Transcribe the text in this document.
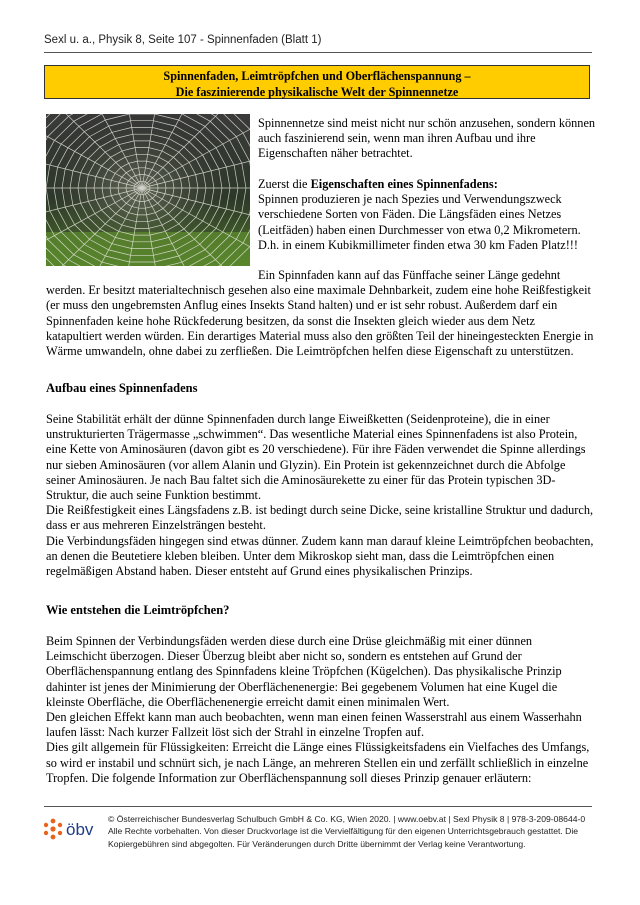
Sexl u. a., Physik 8, Seite 107 - Spinnenfaden (Blatt 1)
Spinnenfaden, Leimtröpfchen und Oberflächenspannung –
Die faszinierende physikalische Welt der Spinnennetze
Spinnennetze sind meist nicht nur schön anzusehen, sondern können auch faszinierend sein, wenn man ihren Aufbau und ihre Eigenschaften näher betrachtet.

Zuerst die Eigenschaften eines Spinnenfadens:

Spinnen produzieren je nach Spezies und Verwendungszweck verschiedene Sorten von Fäden. Die Längsfäden eines Netzes (Leitfäden) haben einen Durchmesser von etwa 0,2 Mikrometern. D.h. in einem Kubikmillimeter finden etwa 30 km Faden Platz!!!

Ein Spinnfaden kann auf das Fünffache seiner Länge gedehnt werden. Er besitzt materialtechnisch gesehen also eine maximale Dehnbarkeit, zudem eine hohe Reißfestigkeit (er muss den ungebremsten Anflug eines Insekts Stand halten) und er ist sehr robust. Außerdem darf ein Spinnenfaden keine hohe Rückfederung besitzen, da sonst die Insekten gleich wieder aus dem Netz katapultiert werden würden. Ein derartiges Material muss also den größten Teil der hineingesteckten Energie in Wärme umwandeln, ohne dabei zu zerfließen. Die Leimtröpfchen helfen diese Eigenschaft zu unterstützen.

Aufbau eines Spinnenfadens

Seine Stabilität erhält der dünne Spinnenfaden durch lange Eiweißketten (Seidenproteine), die in einer unstrukturierten Trägermasse „schwimmen“. Das wesentliche Material eines Spinnenfadens ist also Protein, eine Kette von Aminosäuren (davon gibt es 20 verschiedene). Für ihre Fäden verwendet die Spinne allerdings nur sieben Aminosäuren (vor allem Alanin und Glyzin). Ein Protein ist gekennzeichnet durch die Abfolge seiner Aminosäuren. Je nach Bau faltet sich die Aminosäurekette zu einer für das Protein typischen 3D-Struktur, die auch seine Funktion bestimmt.

Die Reißfestigkeit eines Längsfadens z.B. ist bedingt durch seine Dicke, seine kristalline Struktur und dadurch, dass er aus mehreren Einzelsträngen besteht.

Die Verbindungsfäden hingegen sind etwas dünner. Zudem kann man darauf kleine Leimtröpfchen beobachten, an denen die Beutetiere kleben bleiben. Unter dem Mikroskop sieht man, dass die Leimtröpfchen einen regelmäßigen Abstand haben. Dieser entsteht auf Grund eines physikalischen Prinzips.

Wie entstehen die Leimtröpfchen?

Beim Spinnen der Verbindungsfäden werden diese durch eine Drüse gleichmäßig mit einer dünnen Leimschicht überzogen. Dieser Überzug bleibt aber nicht so, sondern es entstehen auf Grund der Oberflächenspannung entlang des Spinnfadens kleine Tröpfchen (Kügelchen). Das physikalische Prinzip dahinter ist jenes der Minimierung der Oberflächenenergie: Bei gegebenem Volumen hat eine Kugel die kleinste Oberfläche, die Oberflächenenergie erreicht damit einen minimalen Wert.

Den gleichen Effekt kann man auch beobachten, wenn man einen feinen Wasserstrahl aus einem Wasserhahn laufen lässt: Nach kurzer Fallzeit löst sich der Strahl in einzelne Tropfen auf.

Dies gilt allgemein für Flüssigkeiten: Erreicht die Länge eines Flüssigkeitsfadens ein Vielfaches des Umfangs, so wird er instabil und schnürt sich, je nach Länge, an mehreren Stellen ein und zerfällt schließlich in einzelne Tropfen. Die folgende Information zur Oberflächenspannung soll dieses Prinzip genauer erläutern:

öbv
© Österreichischer Bundesverlag Schulbuch GmbH & Co. KG, Wien 2020. | www.oebv.at | Sexl Physik 8 | 978-3-209-08644-0
Alle Rechte vorbehalten. Von dieser Druckvorlage ist die Vervielfältigung für den eigenen Unterrichtsgebrauch gestattet. Die Kopiergebühren sind abgegolten. Für Veränderungen durch Dritte übernimmt der Verlag keine Verantwortung.
